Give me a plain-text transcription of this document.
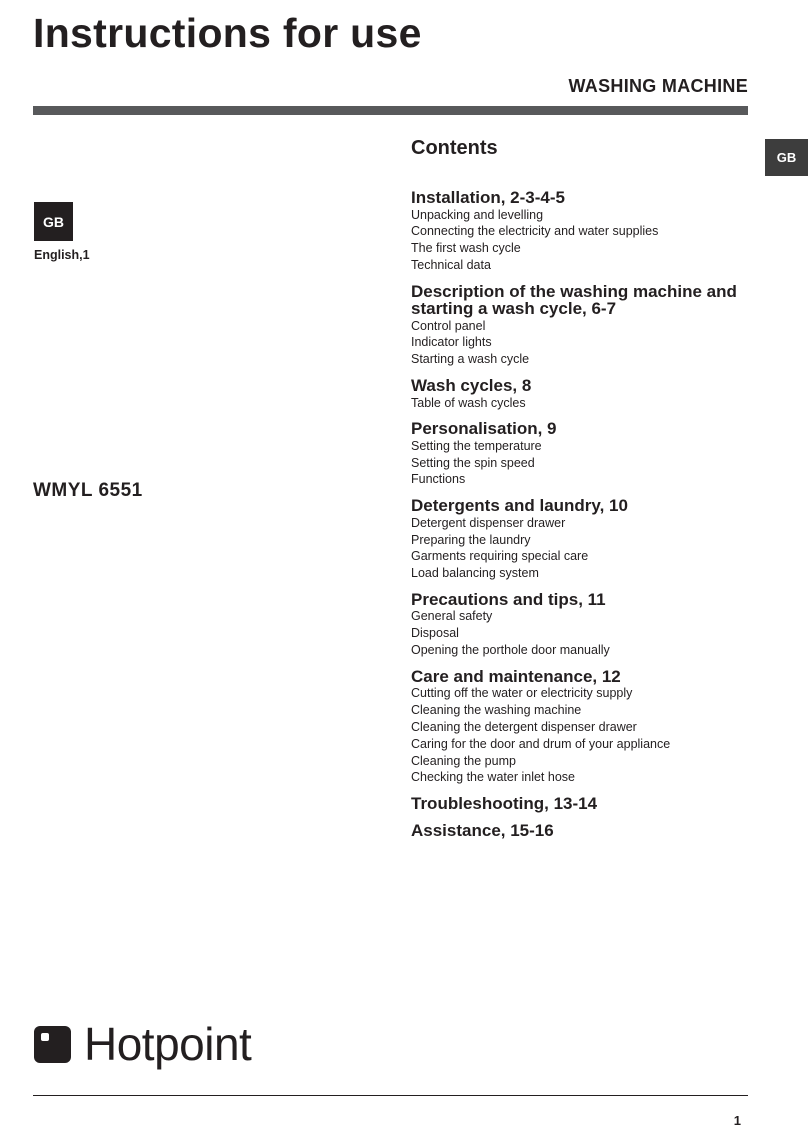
Instructions for use
WASHING MACHINE
GB
GB
English,1
WMYL 6551
Contents
Installation, 2-3-4-5
Unpacking and levelling
Connecting the electricity and water supplies
The first wash cycle
Technical data
Description of the washing machine and starting a wash cycle, 6-7
Control panel
Indicator lights
Starting a wash cycle
Wash cycles, 8
Table of wash cycles
Personalisation, 9
Setting the temperature
Setting the spin speed
Functions
Detergents and laundry, 10
Detergent dispenser drawer
Preparing the laundry
Garments requiring special care
Load balancing system
Precautions and tips, 11
General safety
Disposal
Opening the porthole door manually
Care and maintenance, 12
Cutting off the water or electricity supply
Cleaning the washing machine
Cleaning the detergent dispenser drawer
Caring for the door and drum of your appliance
Cleaning the pump
Checking the water inlet hose
Troubleshooting, 13-14
Assistance, 15-16
Hotpoint
1
